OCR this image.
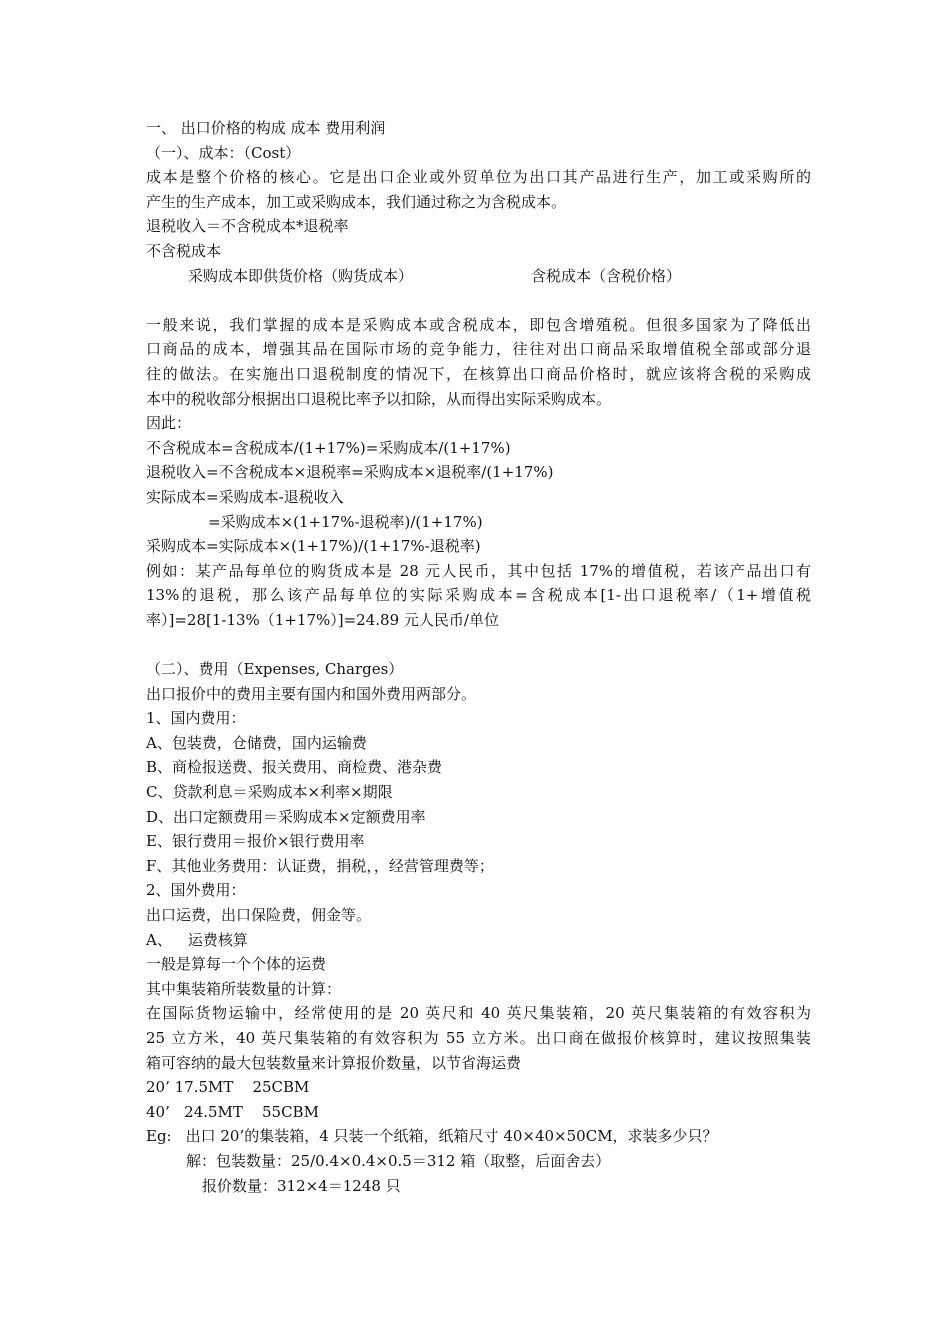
一、 出口价格的构成 成本 费用利润
（一）、成本：（Cost）
成本是整个价格的核心。它是出口企业或外贸单位为出口其产品进行生产，加工或采购所的
产生的生产成本，加工或采购成本，我们通过称之为含税成本。
退税收入＝不含税成本*退税率
不含税成本
采购成本即供货价格（购货成本）	含税成本（含税价格）
一般来说，我们掌握的成本是采购成本或含税成本，即包含增殖税。但很多国家为了降低出
口商品的成本，增强其品在国际市场的竞争能力，往往对出口商品采取增值税全部或部分退
往的做法。在实施出口退税制度的情况下，在核算出口商品价格时，就应该将含税的采购成
本中的税收部分根据出口退税比率予以扣除，从而得出实际采购成本。
因此：
不含税成本=含税成本/(1+17%)=采购成本/(1+17%)
退税收入=不含税成本×退税率=采购成本×退税率/(1+17%)
实际成本=采购成本-退税收入
=采购成本×(1+17%-退税率)/(1+17%)
采购成本=实际成本×(1+17%)/(1+17%-退税率)
例如：某产品每单位的购货成本是 28 元人民币，其中包括 17%的增值税，若该产品出口有
13%的退税，那么该产品每单位的实际采购成本=含税成本[1-出口退税率/（1+增值税
率）]=28[1-13%（1+17%）]=24.89 元人民币/单位
（二）、费用（Expenses, Charges）
出口报价中的费用主要有国内和国外费用两部分。
1、国内费用：
A、包装费，仓储费，国内运输费
B、商检报送费、报关费用、商检费、港杂费
C、贷款利息＝采购成本×利率×期限
D、出口定额费用＝采购成本×定额费用率
E、银行费用＝报价×银行费用率
F、其他业务费用：认证费，捐税，，经营管理费等；
2、国外费用：
出口运费，出口保险费，佣金等。
A、 运费核算
一般是算每一个个体的运费
其中集装箱所装数量的计算：
在国际货物运输中，经常使用的是 20 英尺和 40 英尺集装箱，20 英尺集装箱的有效容积为
25 立方米，40 英尺集装箱的有效容积为 55 立方米。出口商在做报价核算时，建议按照集装
箱可容纳的最大包装数量来计算报价数量，以节省海运费
20’ 17.5MT    25CBM
40’   24.5MT    55CBM
Eg: 出口 20’的集装箱，4 只装一个纸箱，纸箱尺寸 40×40×50CM，求装多少只？
解：包装数量：25/0.4×0.4×0.5＝312 箱（取整，后面舍去）
报价数量：312×4＝1248 只
